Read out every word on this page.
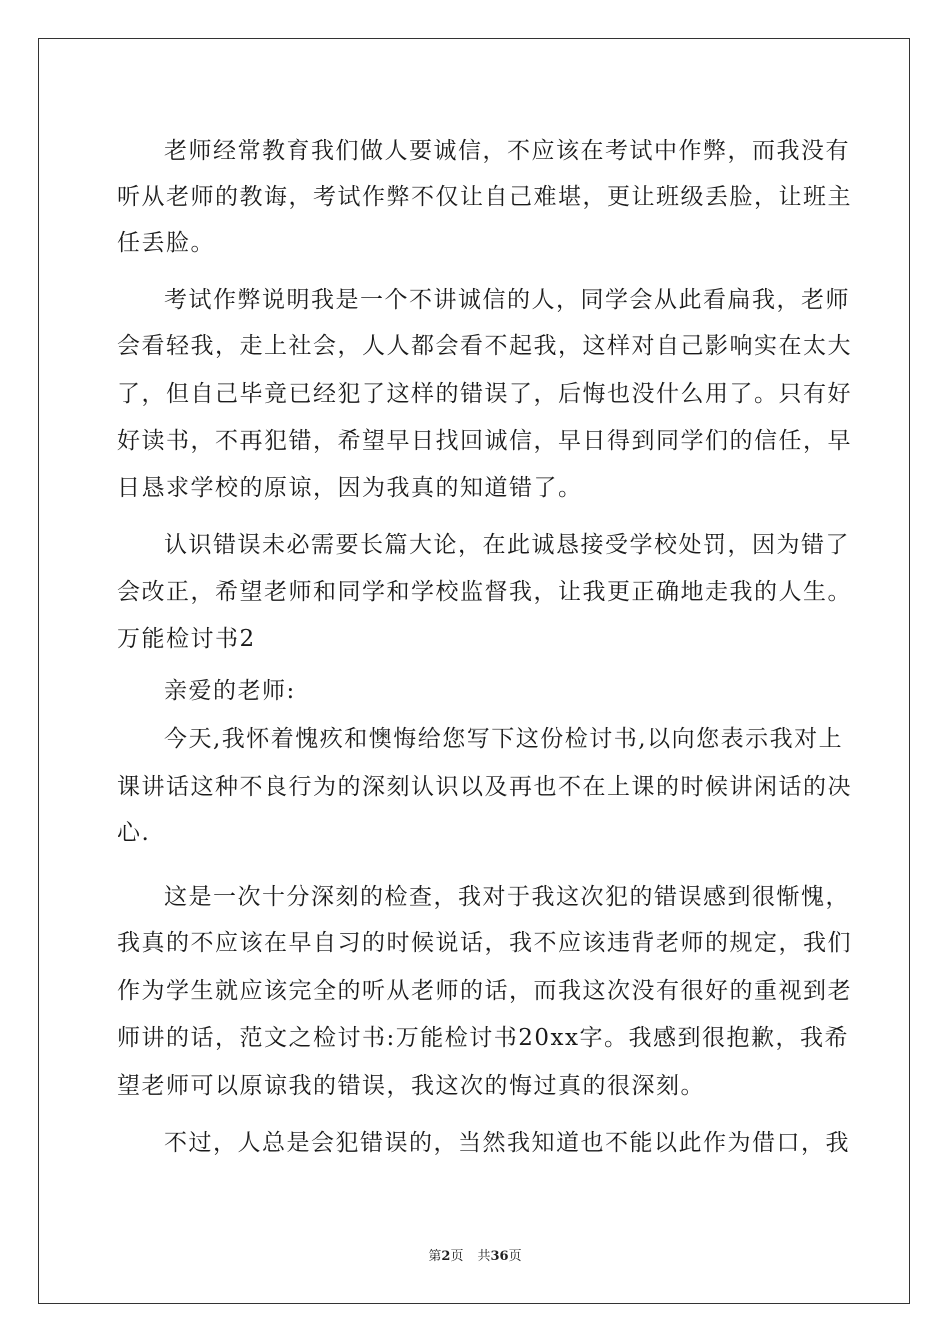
老师经常教育我们做人要诚信，不应该在考试中作弊，而我没有
听从老师的教诲，考试作弊不仅让自己难堪，更让班级丢脸，让班主
任丢脸。
考试作弊说明我是一个不讲诚信的人，同学会从此看扁我，老师
会看轻我，走上社会，人人都会看不起我，这样对自己影响实在太大
了，但自己毕竟已经犯了这样的错误了，后悔也没什么用了。只有好
好读书，不再犯错，希望早日找回诚信，早日得到同学们的信任，早
日恳求学校的原谅，因为我真的知道错了。
认识错误未必需要长篇大论，在此诚恳接受学校处罚，因为错了
会改正，希望老师和同学和学校监督我，让我更正确地走我的人生。
万能检讨书2
亲爱的老师:
今天,我怀着愧疚和懊悔给您写下这份检讨书,以向您表示我对上
课讲话这种不良行为的深刻认识以及再也不在上课的时候讲闲话的决
心.
这是一次十分深刻的检查，我对于我这次犯的错误感到很惭愧，
我真的不应该在早自习的时候说话，我不应该违背老师的规定，我们
作为学生就应该完全的听从老师的话，而我这次没有很好的重视到老
师讲的话，范文之检讨书:万能检讨书20xx字。我感到很抱歉，我希
望老师可以原谅我的错误，我这次的悔过真的很深刻。
不过，人总是会犯错误的，当然我知道也不能以此作为借口，我
第2页 共36页
